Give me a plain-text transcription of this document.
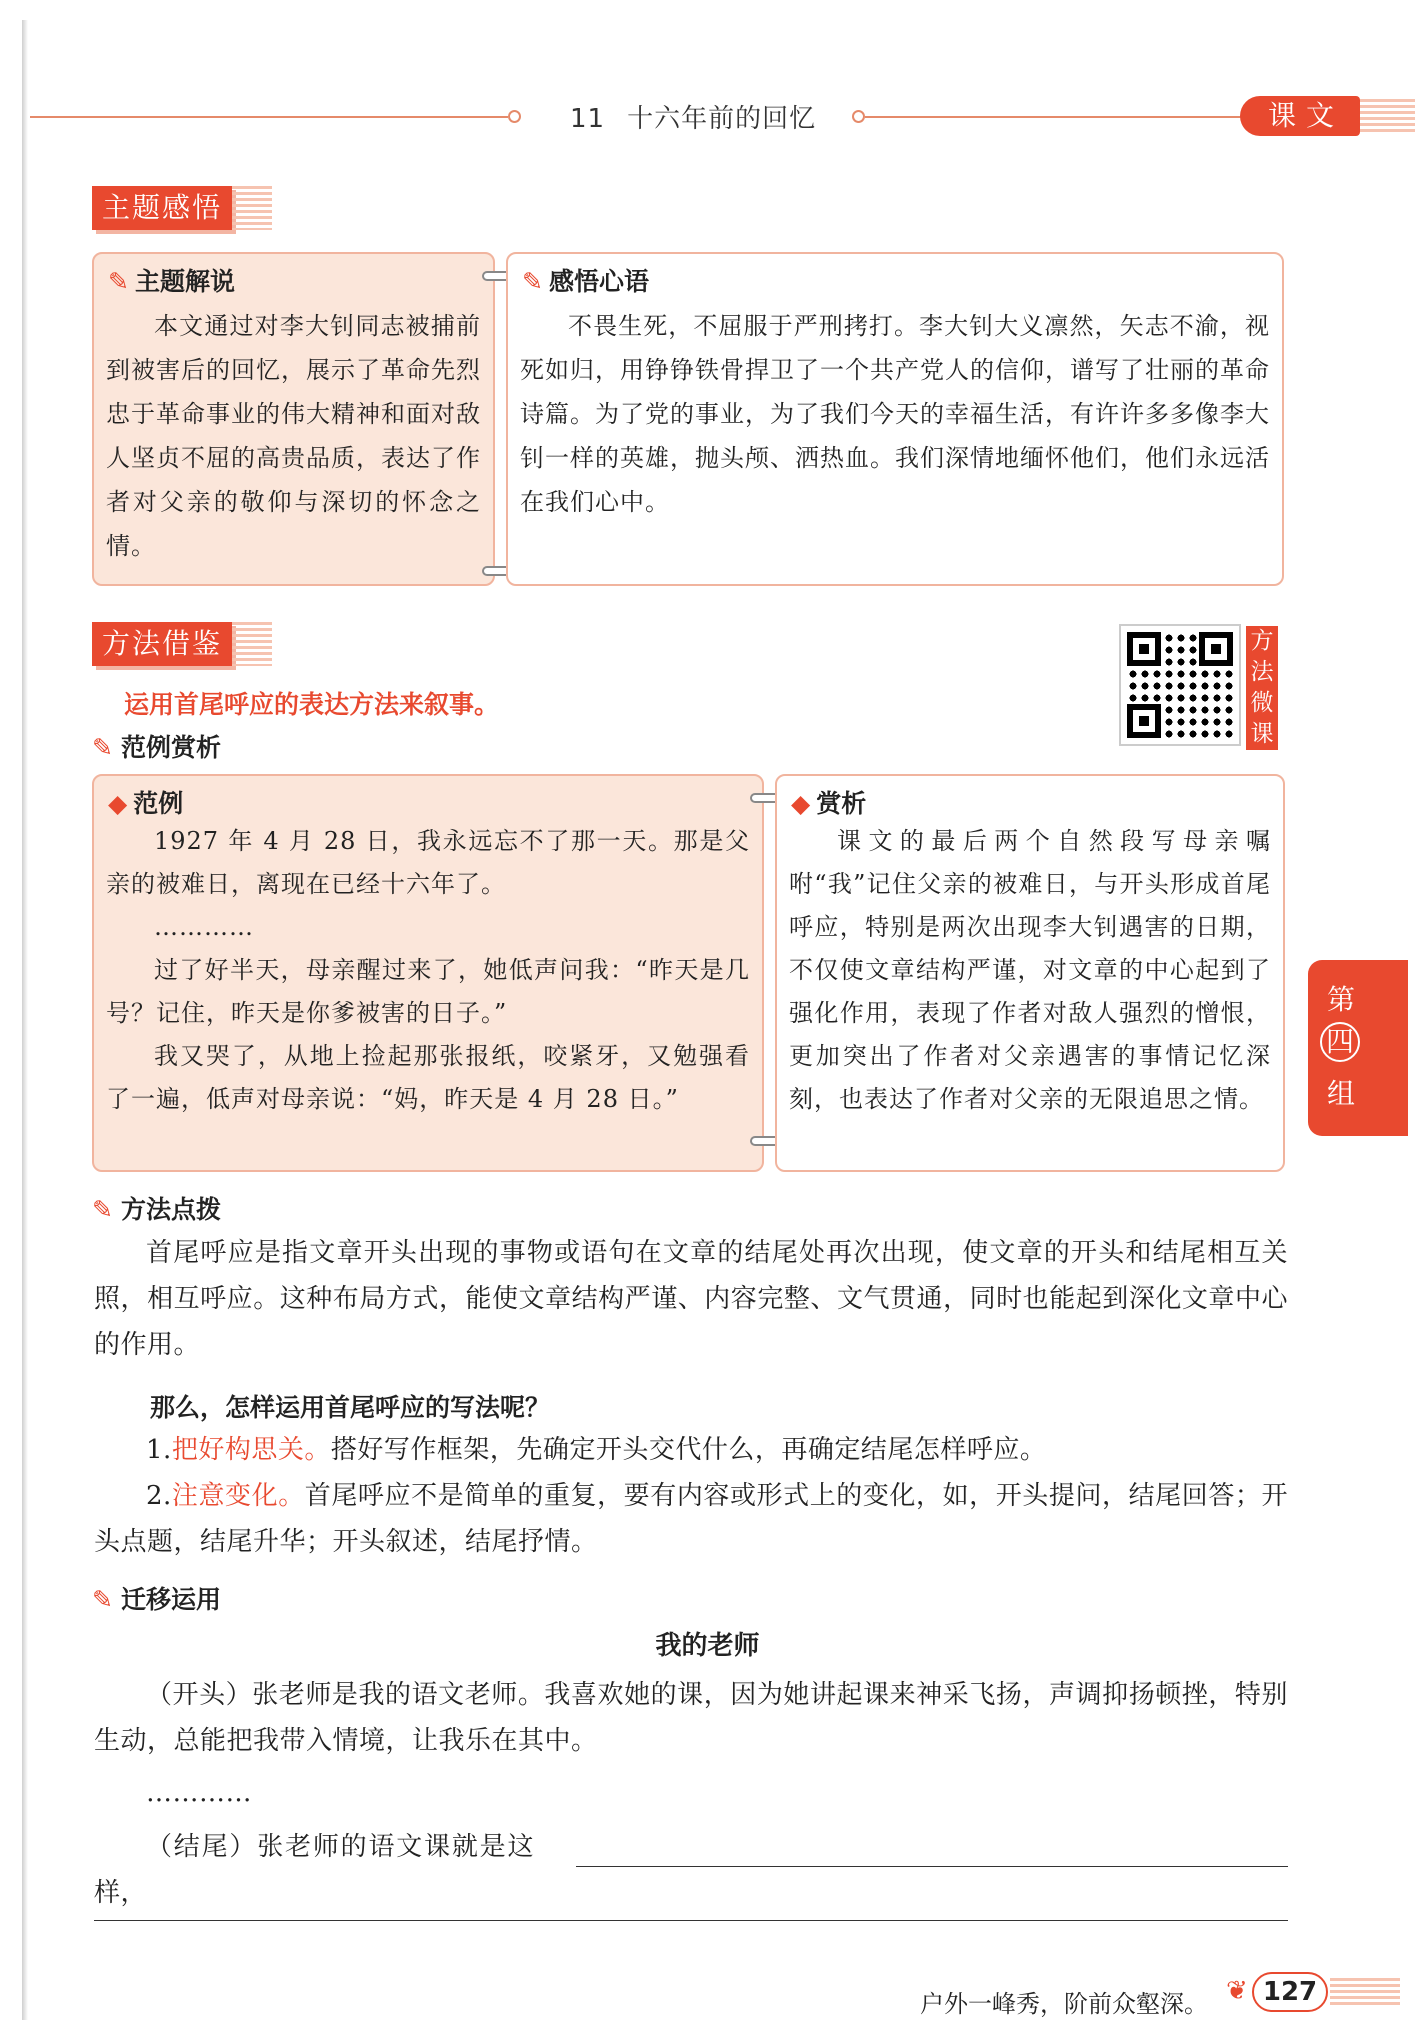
11 十六年前的回忆	课文
主题感悟
✎ 主题解说

本文通过对李大钊同志被捕前到被害后的回忆，展示了革命先烈忠于革命事业的伟大精神和面对敌人坚贞不屈的高贵品质，表达了作者对父亲的敬仰与深切的怀念之情。

✎ 感悟心语

不畏生死，不屈服于严刑拷打。李大钊大义凛然，矢志不渝，视死如归，用铮铮铁骨捍卫了一个共产党人的信仰，谱写了壮丽的革命诗篇。为了党的事业，为了我们今天的幸福生活，有许许多多像李大钊一样的英雄，抛头颅、洒热血。我们深情地缅怀他们，他们永远活在我们心中。

方法借鉴	方法微课
运用首尾呼应的表达方法来叙事。
✎ 范例赏析
◆ 范例

1927 年 4 月 28 日，我永远忘不了那一天。那是父亲的被难日，离现在已经十六年了。

…………

过了好半天，母亲醒过来了，她低声问我：“昨天是几号？记住，昨天是你爹被害的日子。”

我又哭了，从地上捡起那张报纸，咬紧牙，又勉强看了一遍，低声对母亲说：“妈，昨天是 4 月 28 日。”

◆ 赏析

课文的最后两个自然段写母亲嘱咐“我”记住父亲的被难日，与开头形成首尾呼应，特别是两次出现李大钊遇害的日期，不仅使文章结构严谨，对文章的中心起到了强化作用，表现了作者对敌人强烈的憎恨，更加突出了作者对父亲遇害的事情记忆深刻，也表达了作者对父亲的无限追思之情。

第
四
组
✎ 方法点拨

首尾呼应是指文章开头出现的事物或语句在文章的结尾处再次出现，使文章的开头和结尾相互关照，相互呼应。这种布局方式，能使文章结构严谨、内容完整、文气贯通，同时也能起到深化文章中心的作用。

那么，怎样运用首尾呼应的写法呢？

1.把好构思关。搭好写作框架，先确定开头交代什么，再确定结尾怎样呼应。

2.注意变化。首尾呼应不是简单的重复，要有内容或形式上的变化，如，开头提问，结尾回答；开头点题，结尾升华；开头叙述，结尾抒情。

✎ 迁移运用
我的老师

（开头）张老师是我的语文老师。我喜欢她的课，因为她讲起课来神采飞扬，声调抑扬顿挫，特别生动，总能把我带入情境，让我乐在其中。

…………

（结尾）张老师的语文课就是这样，

户外一峰秀，阶前众壑深。 ❦ 127
